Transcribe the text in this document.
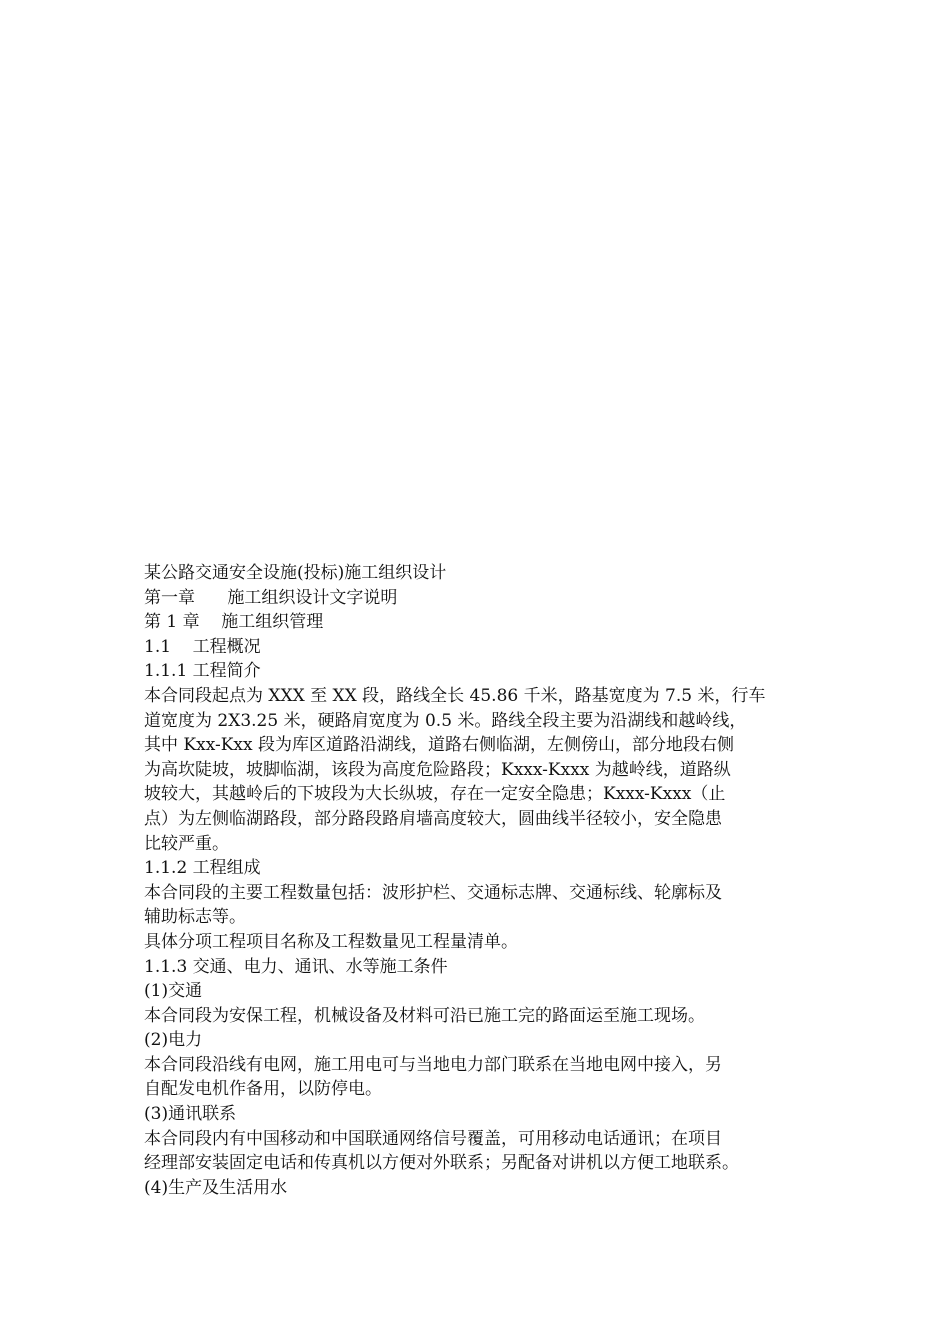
某公路交通安全设施(投标)施工组织设计

第一章      施工组织设计文字说明

第 1 章    施工组织管理

1.1    工程概况

1.1.1 工程简介

本合同段起点为 XXX 至 XX 段，路线全长 45.86 千米，路基宽度为 7.5 米，行车

道宽度为 2X3.25 米，硬路肩宽度为 0.5 米。路线全段主要为沿湖线和越岭线，

其中 Kxx-Kxx 段为库区道路沿湖线，道路右侧临湖，左侧傍山，部分地段右侧

为高坎陡坡，坡脚临湖，该段为高度危险路段；Kxxx-Kxxx 为越岭线，道路纵

坡较大，其越岭后的下坡段为大长纵坡，存在一定安全隐患；Kxxx-Kxxx（止

点）为左侧临湖路段，部分路段路肩墙高度较大，圆曲线半径较小，安全隐患

比较严重。

1.1.2 工程组成

本合同段的主要工程数量包括：波形护栏、交通标志牌、交通标线、轮廓标及

辅助标志等。

具体分项工程项目名称及工程数量见工程量清单。

1.1.3 交通、电力、通讯、水等施工条件

(1)交通

本合同段为安保工程，机械设备及材料可沿已施工完的路面运至施工现场。

(2)电力

本合同段沿线有电网，施工用电可与当地电力部门联系在当地电网中接入，另

自配发电机作备用，以防停电。

(3)通讯联系

本合同段内有中国移动和中国联通网络信号覆盖，可用移动电话通讯；在项目

经理部安装固定电话和传真机以方便对外联系；另配备对讲机以方便工地联系。

(4)生产及生活用水
